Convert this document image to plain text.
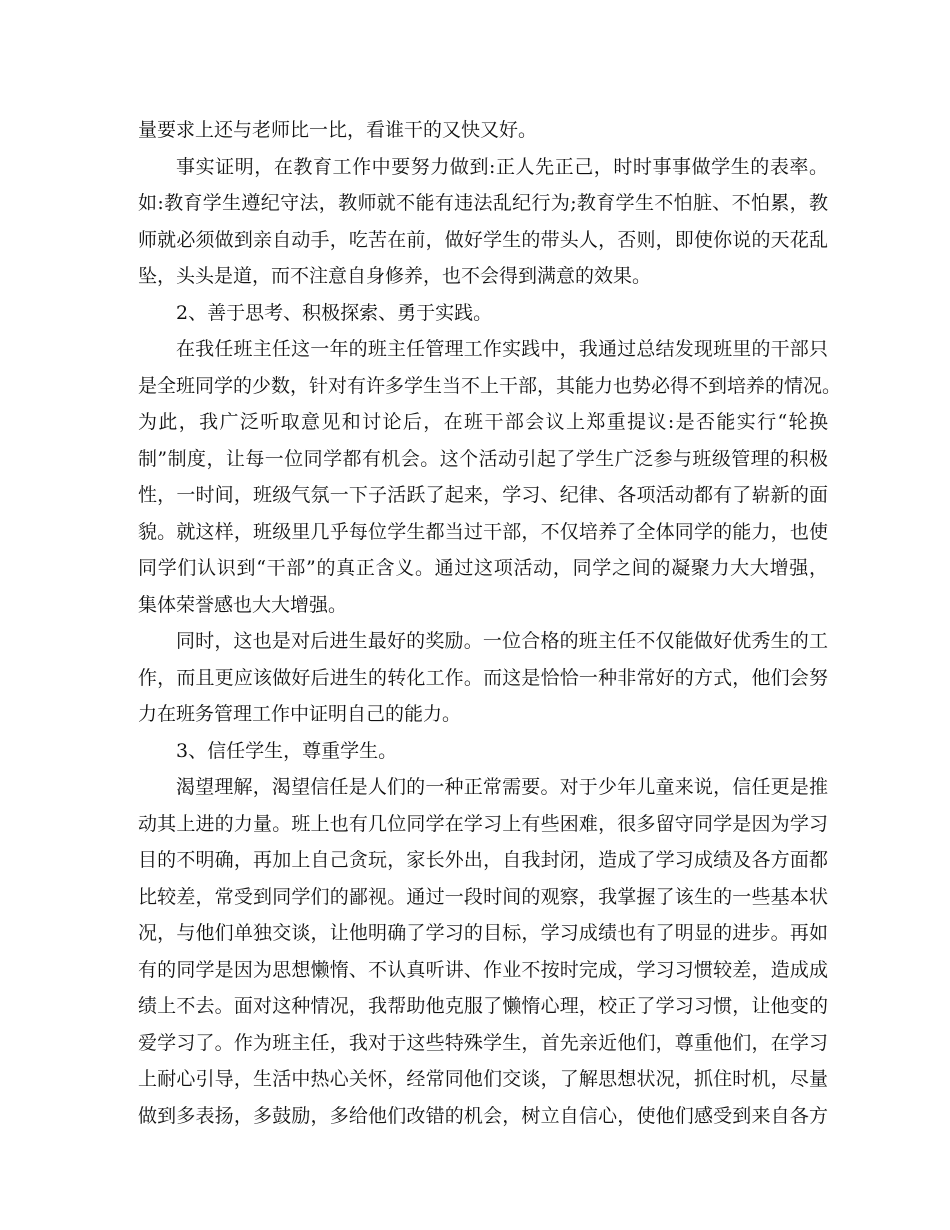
量要求上还与老师比一比，看谁干的又快又好。
事实证明，在教育工作中要努力做到:正人先正己，时时事事做学生的表率。
如:教育学生遵纪守法，教师就不能有违法乱纪行为;教育学生不怕脏、不怕累，教
师就必须做到亲自动手，吃苦在前，做好学生的带头人，否则，即使你说的天花乱
坠，头头是道，而不注意自身修养，也不会得到满意的效果。
2、善于思考、积极探索、勇于实践。
在我任班主任这一年的班主任管理工作实践中，我通过总结发现班里的干部只
是全班同学的少数，针对有许多学生当不上干部，其能力也势必得不到培养的情况。
为此，我广泛听取意见和讨论后，在班干部会议上郑重提议:是否能实行“轮换
制”制度，让每一位同学都有机会。这个活动引起了学生广泛参与班级管理的积极
性，一时间，班级气氛一下子活跃了起来，学习、纪律、各项活动都有了崭新的面
貌。就这样，班级里几乎每位学生都当过干部，不仅培养了全体同学的能力，也使
同学们认识到“干部”的真正含义。通过这项活动，同学之间的凝聚力大大增强，
集体荣誉感也大大增强。
同时，这也是对后进生最好的奖励。一位合格的班主任不仅能做好优秀生的工
作，而且更应该做好后进生的转化工作。而这是恰恰一种非常好的方式，他们会努
力在班务管理工作中证明自己的能力。
3、信任学生，尊重学生。
渴望理解，渴望信任是人们的一种正常需要。对于少年儿童来说，信任更是推
动其上进的力量。班上也有几位同学在学习上有些困难，很多留守同学是因为学习
目的不明确，再加上自己贪玩，家长外出，自我封闭，造成了学习成绩及各方面都
比较差，常受到同学们的鄙视。通过一段时间的观察，我掌握了该生的一些基本状
况，与他们单独交谈，让他明确了学习的目标，学习成绩也有了明显的进步。再如
有的同学是因为思想懒惰、不认真听讲、作业不按时完成，学习习惯较差，造成成
绩上不去。面对这种情况，我帮助他克服了懒惰心理，校正了学习习惯，让他变的
爱学习了。作为班主任，我对于这些特殊学生，首先亲近他们，尊重他们，在学习
上耐心引导，生活中热心关怀，经常同他们交谈，了解思想状况，抓住时机，尽量
做到多表扬，多鼓励，多给他们改错的机会，树立自信心，使他们感受到来自各方
